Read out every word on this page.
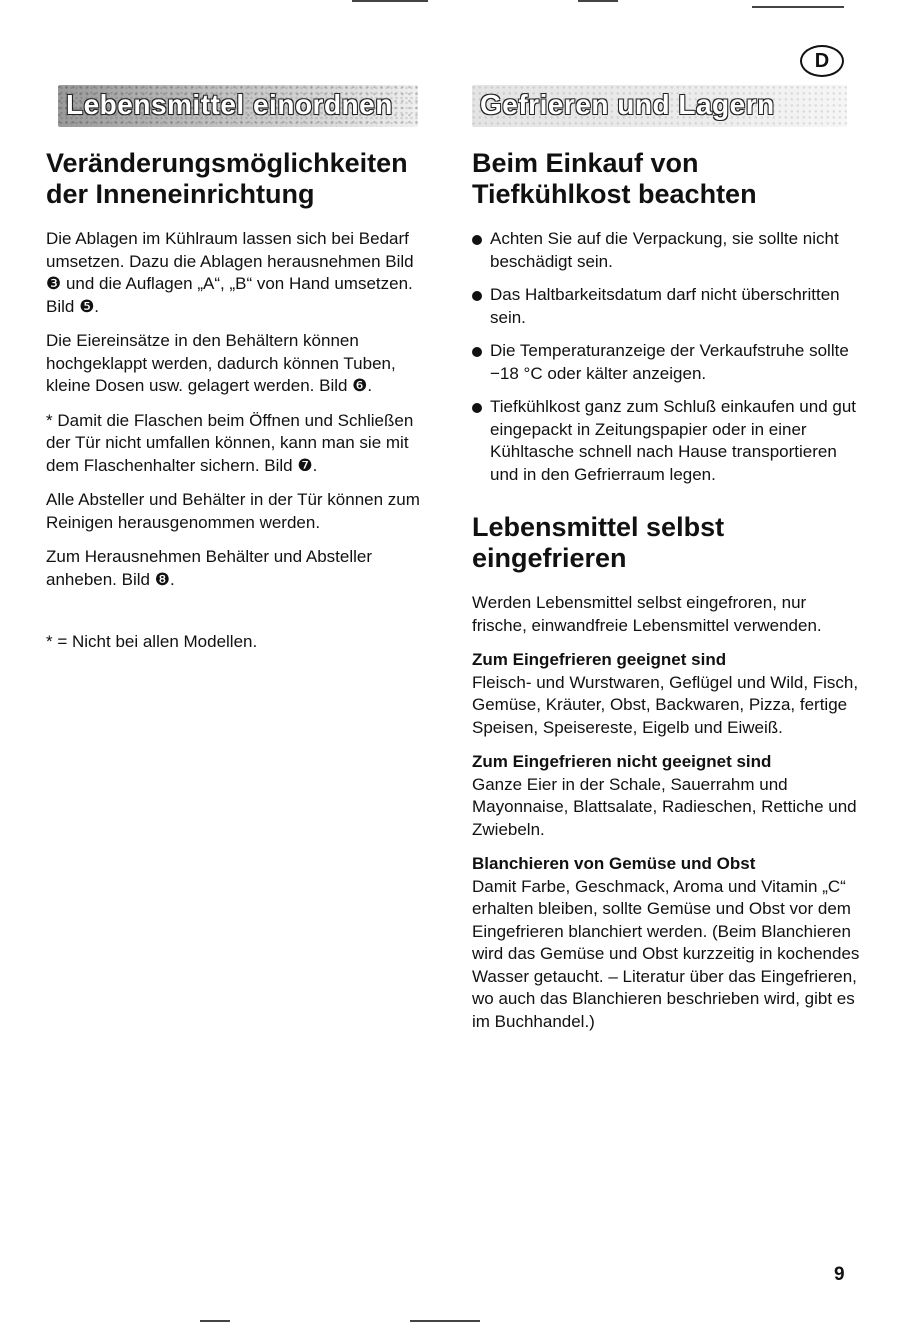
D
Lebensmittel einordnen	Gefrieren und Lagern
Veränderungsmöglichkeiten der Inneneinrichtung

Die Ablagen im Kühlraum lassen sich bei Bedarf umsetzen. Dazu die Ablagen herausnehmen Bild ❸ und die Auflagen „A“, „B“ von Hand umsetzen. Bild ❺.

Die Eiereinsätze in den Behältern können hochgeklappt werden, dadurch können Tuben, kleine Dosen usw. gelagert werden. Bild ❻.

* Damit die Flaschen beim Öffnen und Schließen der Tür nicht umfallen können, kann man sie mit dem Flaschenhalter sichern. Bild ❼.

Alle Absteller und Behälter in der Tür können zum Reinigen herausgenommen werden.

Zum Herausnehmen Behälter und Absteller anheben. Bild ❽.

* = Nicht bei allen Modellen.

Beim Einkauf von Tiefkühlkost beachten
Achten Sie auf die Verpackung, sie sollte nicht beschädigt sein.
Das Haltbarkeitsdatum darf nicht überschritten sein.
Die Temperaturanzeige der Verkaufstruhe sollte −18 °C oder kälter anzeigen.
Tiefkühlkost ganz zum Schluß einkaufen und gut eingepackt in Zeitungspapier oder in einer Kühltasche schnell nach Hause transportieren und in den Gefrierraum legen.
Lebensmittel selbst eingefrieren

Werden Lebensmittel selbst eingefroren, nur frische, einwandfreie Lebensmittel verwenden.

Zum Eingefrieren geeignet sind
Fleisch- und Wurstwaren, Geflügel und Wild, Fisch, Gemüse, Kräuter, Obst, Backwaren, Pizza, fertige Speisen, Speisereste, Eigelb und Eiweiß.

Zum Eingefrieren nicht geeignet sind
Ganze Eier in der Schale, Sauerrahm und Mayonnaise, Blattsalate, Radieschen, Rettiche und Zwiebeln.

Blanchieren von Gemüse und Obst
Damit Farbe, Geschmack, Aroma und Vitamin „C“ erhalten bleiben, sollte Gemüse und Obst vor dem Eingefrieren blanchiert werden. (Beim Blanchieren wird das Gemüse und Obst kurzzeitig in kochendes Wasser getaucht. – Literatur über das Eingefrieren, wo auch das Blanchieren beschrieben wird, gibt es im Buchhandel.)

9
